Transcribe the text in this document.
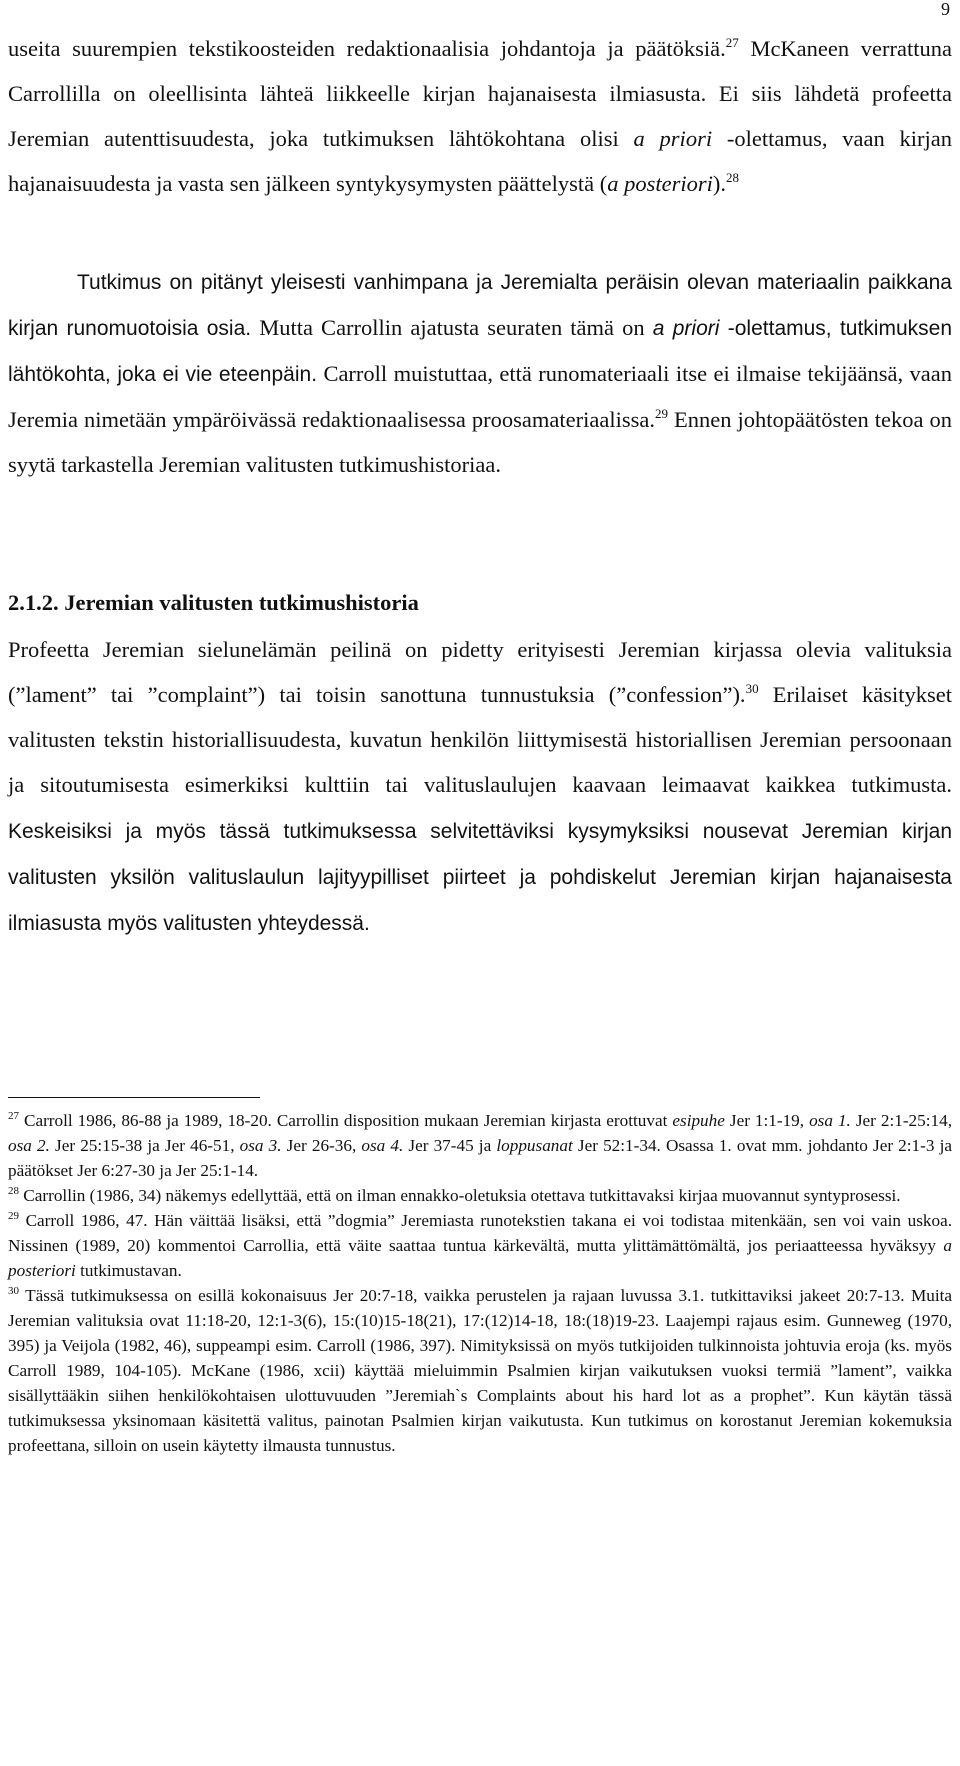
9

useita suurempien tekstikoosteiden redaktionaalisia johdantoja ja päätöksiä.$^{27}$ McKaneen verrattuna Carrollilla on oleellisinta lähteä liikkeelle kirjan hajanaisesta ilmiasusta. Ei siis lähdetä profeetta Jeremian autenttisuudesta, joka tutkimuksen lähtökohtana olisi a priori -olettamus, vaan kirjan hajanaisuudesta ja vasta sen jälkeen syntykysymysten päättelystä (a posteriori).$^{28}$

Tutkimus on pitänyt yleisesti vanhimpana ja Jeremialta peräisin olevan materiaalin paikkana kirjan runomuotoisia osia. Mutta Carrollin ajatusta seuraten tämä on a priori -olettamus, tutkimuksen lähtökohta, joka ei vie eteenpäin. Carroll muistuttaa, että runomateriaali itse ei ilmaise tekijäänsä, vaan Jeremia nimetään ympäröivässä redaktionaalisessa proosamateriaalissa.$^{29}$ Ennen johtopäätösten tekoa on syytä tarkastella Jeremian valitusten tutkimushistoriaa.

2.1.2. Jeremian valitusten tutkimushistoria

Profeetta Jeremian sielunelämän peilinä on pidetty erityisesti Jeremian kirjassa olevia valituksia (”lament” tai ”complaint”) tai toisin sanottuna tunnustuksia (”confession”).$^{30}$ Erilaiset käsitykset valitusten tekstin historiallisuudesta, kuvatun henkilön liittymisestä historiallisen Jeremian persoonaan ja sitoutumisesta esimerkiksi kulttiin tai valituslaulujen kaavaan leimaavat kaikkea tutkimusta. Keskeisiksi ja myös tässä tutkimuksessa selvitettäviksi kysymyksiksi nousevat Jeremian kirjan valitusten yksilön valituslaulun lajityypilliset piirteet ja pohdiskelut Jeremian kirjan hajanaisesta ilmiasusta myös valitusten yhteydessä.

$^{27}$ Carroll 1986, 86-88 ja 1989, 18-20. Carrollin disposition mukaan Jeremian kirjasta erottuvat esipuhe Jer 1:1-19, osa 1. Jer 2:1-25:14, osa 2. Jer 25:15-38 ja Jer 46-51, osa 3. Jer 26-36, osa 4. Jer 37-45 ja loppusanat Jer 52:1-34. Osassa 1. ovat mm. johdanto Jer 2:1-3 ja päätökset Jer 6:27-30 ja Jer 25:1-14.

$^{28}$ Carrollin (1986, 34) näkemys edellyttää, että on ilman ennakko-oletuksia otettava tutkittavaksi kirjaa muovannut syntyprosessi.

$^{29}$ Carroll 1986, 47. Hän väittää lisäksi, että ”dogmia” Jeremiasta runotekstien takana ei voi todistaa mitenkään, sen voi vain uskoa. Nissinen (1989, 20) kommentoi Carrollia, että väite saattaa tuntua kärkevältä, mutta ylittämättömältä, jos periaatteessa hyväksyy a posteriori tutkimustavan.

$^{30}$ Tässä tutkimuksessa on esillä kokonaisuus Jer 20:7-18, vaikka perustelen ja rajaan luvussa 3.1. tutkittaviksi jakeet 20:7-13. Muita Jeremian valituksia ovat 11:18-20, 12:1-3(6), 15:(10)15-18(21), 17:(12)14-18, 18:(18)19-23. Laajempi rajaus esim. Gunneweg (1970, 395) ja Veijola (1982, 46), suppeampi esim. Carroll (1986, 397). Nimityksissä on myös tutkijoiden tulkinnoista johtuvia eroja (ks. myös Carroll 1989, 104-105). McKane (1986, xcii) käyttää mieluimmin Psalmien kirjan vaikutuksen vuoksi termiä ”lament”, vaikka sisällyttääkin siihen henkilökohtaisen ulottuvuuden ”Jeremiah`s Complaints about his hard lot as a prophet”. Kun käytän tässä tutkimuksessa yksinomaan käsitettä valitus, painotan Psalmien kirjan vaikutusta. Kun tutkimus on korostanut Jeremian kokemuksia profeettana, silloin on usein käytetty ilmausta tunnustus.
